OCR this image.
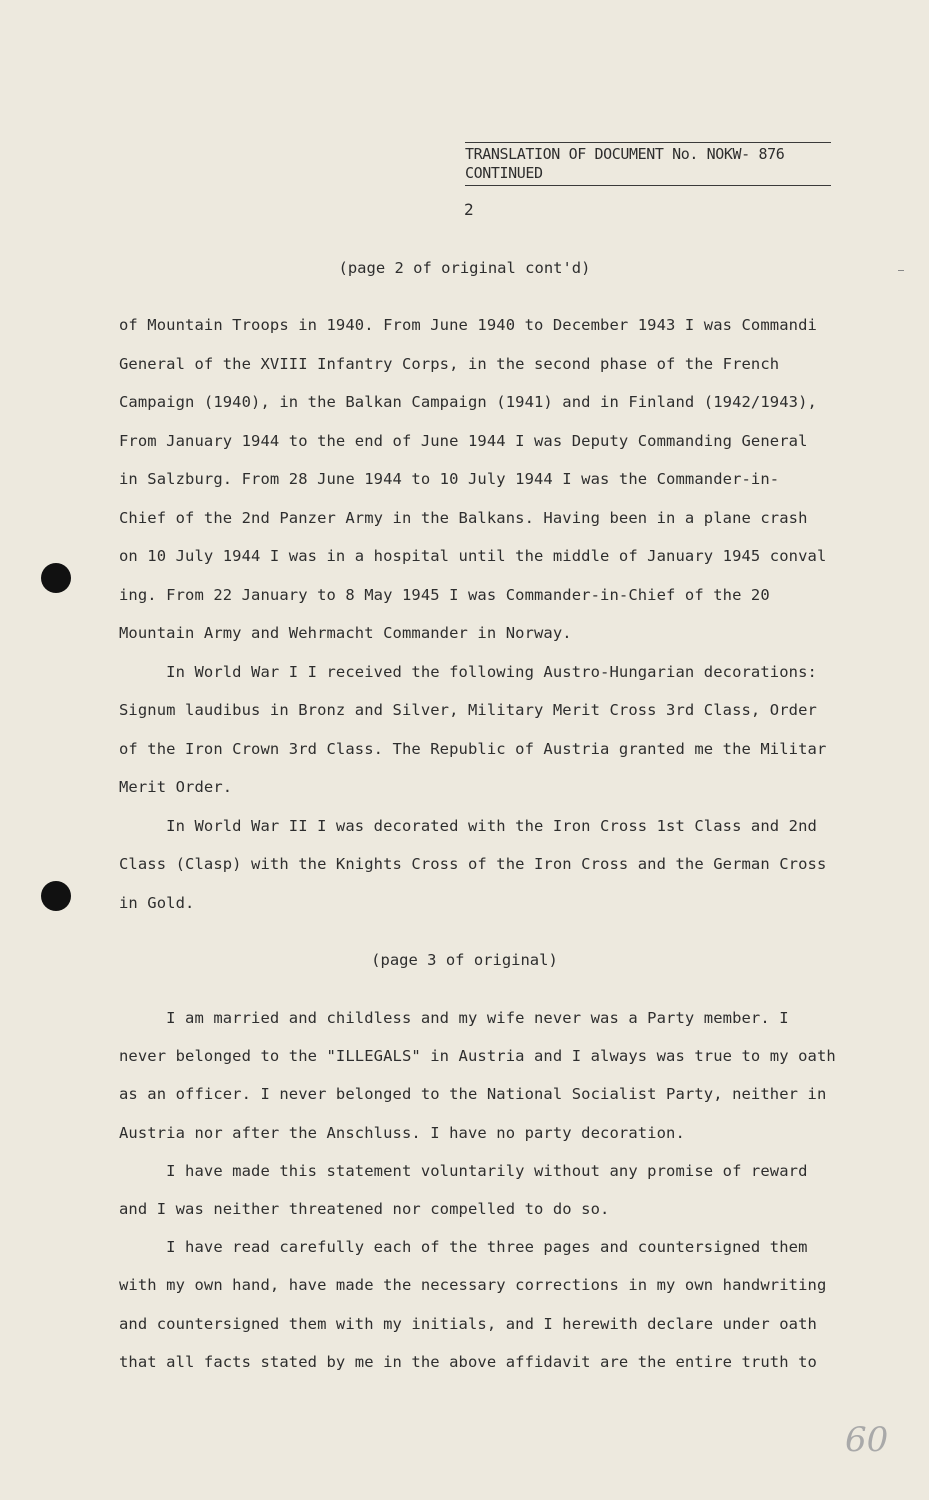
TRANSLATION OF DOCUMENT No. NOKW- 876
CONTINUED
2
(page 2 of original cont'd)
of Mountain Troops in 1940. From June 1940 to December 1943 I was Commandi
General of the XVIII Infantry Corps, in the second phase of the French
Campaign (1940), in the Balkan Campaign (1941) and in Finland (1942/1943),
From January 1944 to the end of June 1944 I was Deputy Commanding General
in Salzburg. From 28 June 1944 to 10 July 1944 I was the Commander-in-
Chief of the 2nd Panzer Army in the Balkans. Having been in a plane crash
on 10 July 1944 I was in a hospital until the middle of January 1945 conval
ing. From 22 January to 8 May 1945 I was Commander-in-Chief of the 20
Mountain Army and Wehrmacht Commander in Norway.
In World War I I received the following Austro-Hungarian decorations:
Signum laudibus in Bronz and Silver, Military Merit Cross 3rd Class, Order
of the Iron Crown 3rd Class. The Republic of Austria granted me the Militar
Merit Order.
In World War II I was decorated with the Iron Cross 1st Class and 2nd
Class (Clasp) with the Knights Cross of the Iron Cross and the German Cross
in Gold.
(page 3 of original)
I am married and childless and my wife never was a Party member. I
never belonged to the "ILLEGALS" in Austria and I always was true to my oath
as an officer. I never belonged to the National Socialist Party, neither in
Austria nor after the Anschluss. I have no party decoration.
I have made this statement voluntarily without any promise of reward
and I was neither threatened nor compelled to do so.
I have read carefully each of the three pages and countersigned them
with my own hand, have made the necessary corrections in my own handwriting
and countersigned them with my initials, and I herewith declare under oath
that all facts stated by me in the above affidavit are the entire truth to
60
